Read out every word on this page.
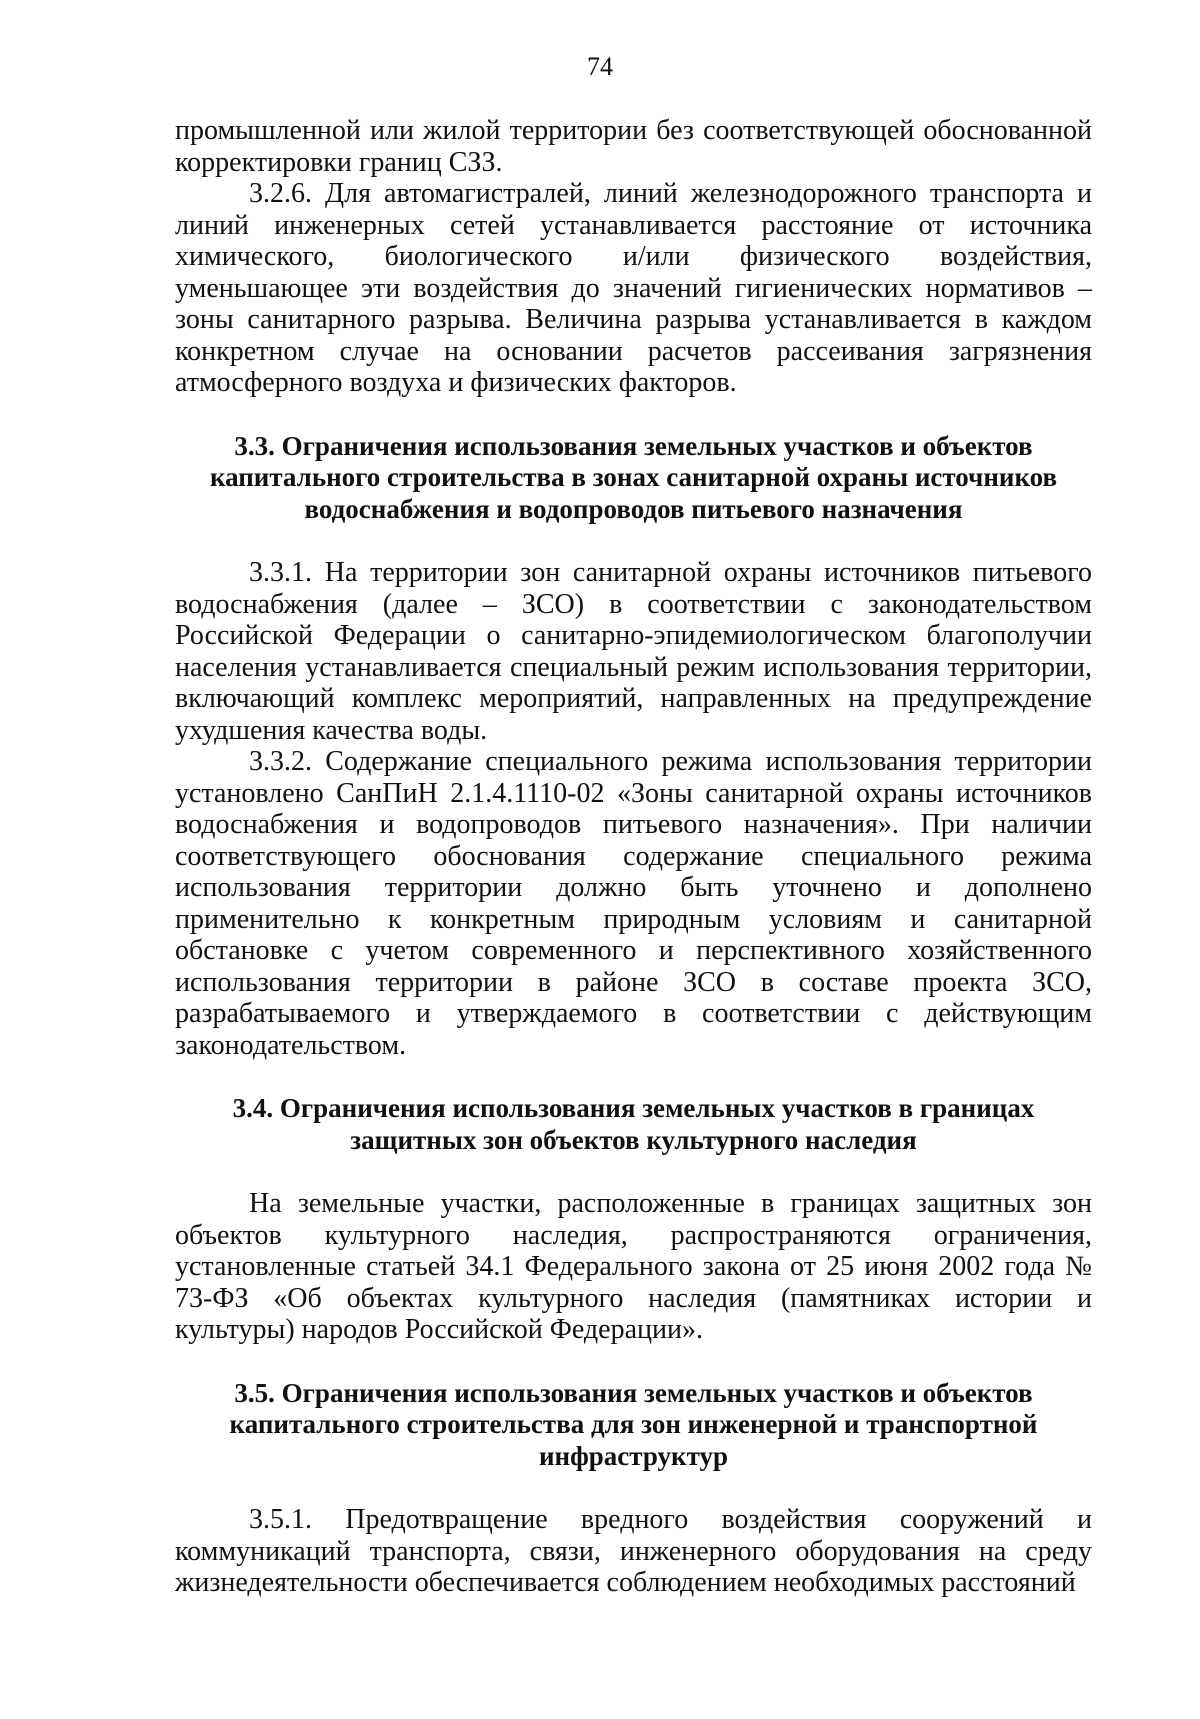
74

промышленной или жилой территории без соответствующей обоснованной корректировки границ СЗЗ.

3.2.6. Для автомагистралей, линий железнодорожного транспорта и линий инженерных сетей устанавливается расстояние от источника химического, биологического и/или физического воздействия, уменьшающее эти воздействия до значений гигиенических нормативов – зоны санитарного разрыва. Величина разрыва устанавливается в каждом конкретном случае на основании расчетов рассеивания загрязнения атмосферного воздуха и физических факторов.

3.3. Ограничения использования земельных участков и объектов капитального строительства в зонах санитарной охраны источников водоснабжения и водопроводов питьевого назначения

3.3.1. На территории зон санитарной охраны источников питьевого водоснабжения (далее – ЗСО) в соответствии с законодательством Российской Федерации о санитарно-эпидемиологическом благополучии населения устанавливается специальный режим использования территории, включающий комплекс мероприятий, направленных на предупреждение ухудшения качества воды.

3.3.2. Содержание специального режима использования территории установлено СанПиН 2.1.4.1110-02 «Зоны санитарной охраны источников водоснабжения и водопроводов питьевого назначения». При наличии соответствующего обоснования содержание специального режима использования территории должно быть уточнено и дополнено применительно к конкретным природным условиям и санитарной обстановке с учетом современного и перспективного хозяйственного использования территории в районе ЗСО в составе проекта ЗСО, разрабатываемого и утверждаемого в соответствии с действующим законодательством.

3.4. Ограничения использования земельных участков в границах защитных зон объектов культурного наследия

На земельные участки, расположенные в границах защитных зон объектов культурного наследия, распространяются ограничения, установленные статьей 34.1 Федерального закона от 25 июня 2002 года № 73-ФЗ «Об объектах культурного наследия (памятниках истории и культуры) народов Российской Федерации».

3.5. Ограничения использования земельных участков и объектов капитального строительства для зон инженерной и транспортной инфраструктур

3.5.1. Предотвращение вредного воздействия сооружений и коммуникаций транспорта, связи, инженерного оборудования на среду жизнедеятельности обеспечивается соблюдением необходимых расстояний
